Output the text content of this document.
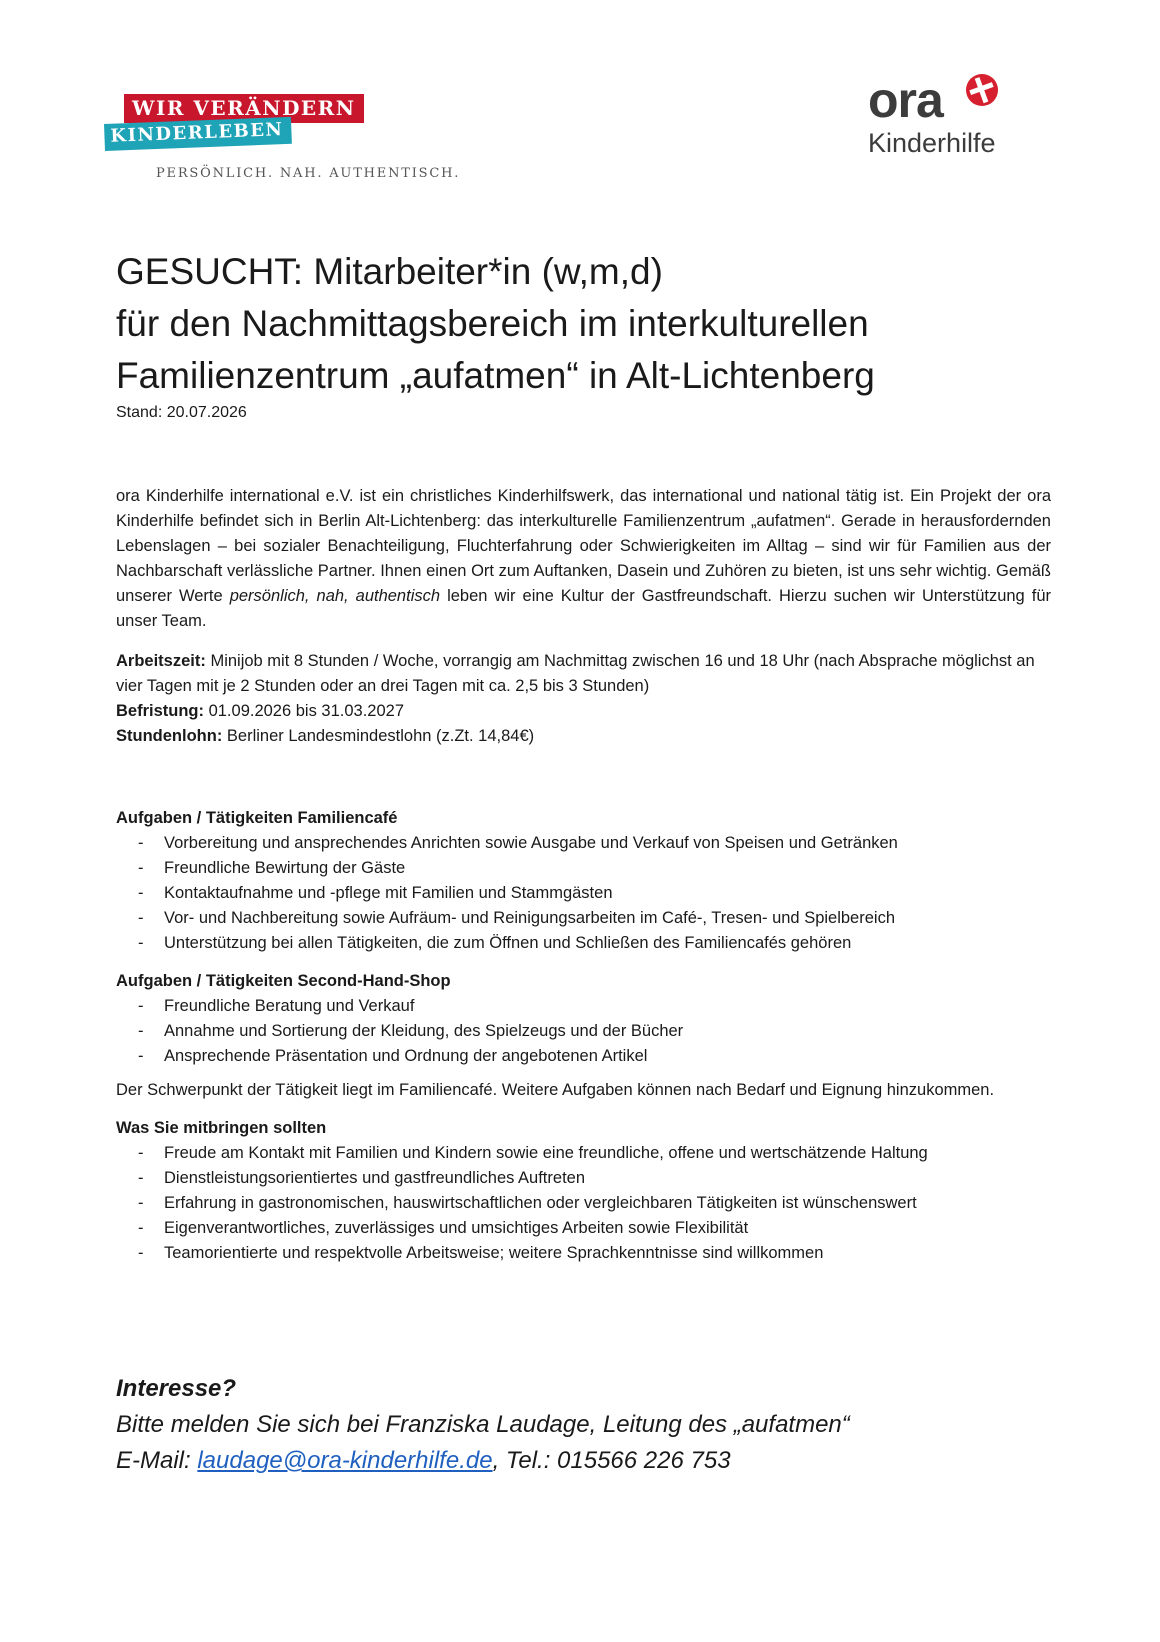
WIR VERÄNDERN
KINDERLEBEN
PERSÖNLICH. NAH. AUTHENTISCH.
ora
Kinderhilfe
GESUCHT: Mitarbeiter*in (w,m,d)
für den Nachmittagsbereich im interkulturellen
Familienzentrum „aufatmen“ in Alt-Lichtenberg
Stand: 20.07.2026

ora Kinderhilfe international e.V. ist ein christliches Kinderhilfswerk, das international und national tätig ist. Ein Projekt der ora Kinderhilfe befindet sich in Berlin Alt-Lichtenberg: das interkulturelle Familienzentrum „aufatmen“. Gerade in herausfordernden Lebenslagen – bei sozialer Benachteiligung, Fluchterfahrung oder Schwierigkeiten im Alltag – sind wir für Familien aus der Nachbarschaft verlässliche Partner. Ihnen einen Ort zum Auftanken, Dasein und Zuhören zu bieten, ist uns sehr wichtig. Gemäß unserer Werte persönlich, nah, authentisch leben wir eine Kultur der Gastfreundschaft. Hierzu suchen wir Unterstützung für unser Team.

Arbeitszeit: Minijob mit 8 Stunden / Woche, vorrangig am Nachmittag zwischen 16 und 18 Uhr (nach Absprache möglichst an vier Tagen mit je 2 Stunden oder an drei Tagen mit ca. 2,5 bis 3 Stunden)
Befristung: 01.09.2026 bis 31.03.2027
Stundenlohn: Berliner Landesmindestlohn (z.Zt. 14,84€)
Aufgaben / Tätigkeiten Familiencafé
- Vorbereitung und ansprechendes Anrichten sowie Ausgabe und Verkauf von Speisen und Getränken
- Freundliche Bewirtung der Gäste
- Kontaktaufnahme und -pflege mit Familien und Stammgästen
- Vor- und Nachbereitung sowie Aufräum- und Reinigungsarbeiten im Café-, Tresen- und Spielbereich
- Unterstützung bei allen Tätigkeiten, die zum Öffnen und Schließen des Familiencafés gehören
Aufgaben / Tätigkeiten Second-Hand-Shop
- Freundliche Beratung und Verkauf
- Annahme und Sortierung der Kleidung, des Spielzeugs und der Bücher
- Ansprechende Präsentation und Ordnung der angebotenen Artikel

Der Schwerpunkt der Tätigkeit liegt im Familiencafé. Weitere Aufgaben können nach Bedarf und Eignung hinzukommen.

Was Sie mitbringen sollten
- Freude am Kontakt mit Familien und Kindern sowie eine freundliche, offene und wertschätzende Haltung
- Dienstleistungsorientiertes und gastfreundliches Auftreten
- Erfahrung in gastronomischen, hauswirtschaftlichen oder vergleichbaren Tätigkeiten ist wünschenswert
- Eigenverantwortliches, zuverlässiges und umsichtiges Arbeiten sowie Flexibilität
- Teamorientierte und respektvolle Arbeitsweise; weitere Sprachkenntnisse sind willkommen
Interesse?
Bitte melden Sie sich bei Franziska Laudage, Leitung des „aufatmen“
E-Mail: laudage@ora-kinderhilfe.de, Tel.: 015566 226 753
